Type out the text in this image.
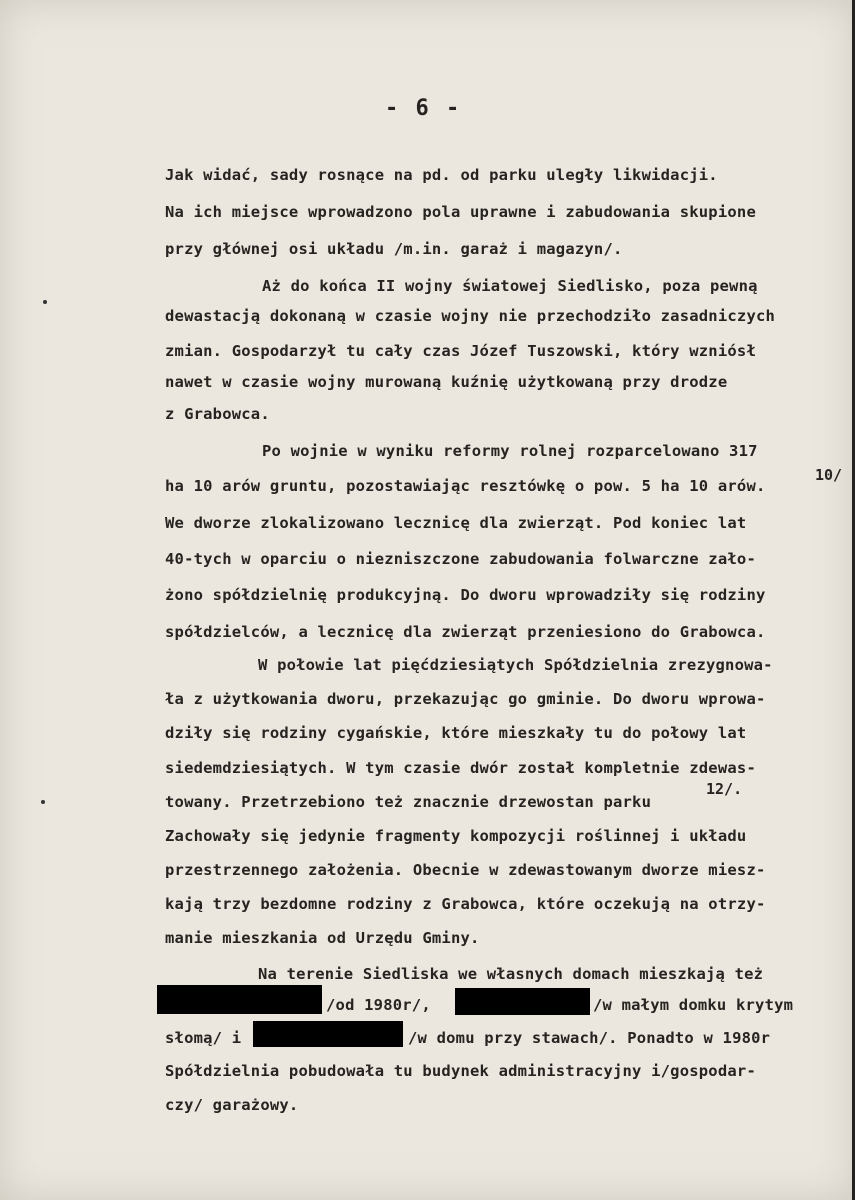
- 6 -
Jak widać, sady rosnące na pd. od parku uległy likwidacji.
Na ich miejsce wprowadzono pola uprawne i zabudowania skupione
przy głównej osi układu /m.in. garaż i magazyn/.
Aż do końca II wojny światowej Siedlisko, poza pewną
dewastacją dokonaną w czasie wojny nie przechodziło zasadniczych
zmian. Gospodarzył tu cały czas Józef Tuszowski, który wzniósł
nawet w czasie wojny murowaną kuźnię użytkowaną przy drodze
z Grabowca.
Po wojnie w wyniku reformy rolnej rozparcelowano 317
10/
ha 10 arów gruntu, pozostawiając resztówkę o pow. 5 ha 10 arów.
We dworze zlokalizowano lecznicę dla zwierząt. Pod koniec lat
40-tych w oparciu o niezniszczone zabudowania folwarczne zało-
żono spółdzielnię produkcyjną. Do dworu wprowadziły się rodziny
spółdzielców, a lecznicę dla zwierząt przeniesiono do Grabowca.
W połowie lat pięćdziesiątych Spółdzielnia zrezygnowa-
ła z użytkowania dworu, przekazując go gminie. Do dworu wprowa-
dziły się rodziny cygańskie, które mieszkały tu do połowy lat
siedemdziesiątych. W tym czasie dwór został kompletnie zdewas-
towany. Przetrzebiono też znacznie drzewostan parku
12/.
Zachowały się jedynie fragmenty kompozycji roślinnej i układu
przestrzennego założenia. Obecnie w zdewastowanym dworze miesz-
kają trzy bezdomne rodziny z Grabowca, które oczekują na otrzy-
manie mieszkania od Urzędu Gminy.
Na terenie Siedliska we własnych domach mieszkają też
/od 1980r/,	/w małym domku krytym
słomą/ i	/w domu przy stawach/. Ponadto w 1980r
Spółdzielnia pobudowała tu budynek administracyjny i/gospodar-
czy/ garażowy.
